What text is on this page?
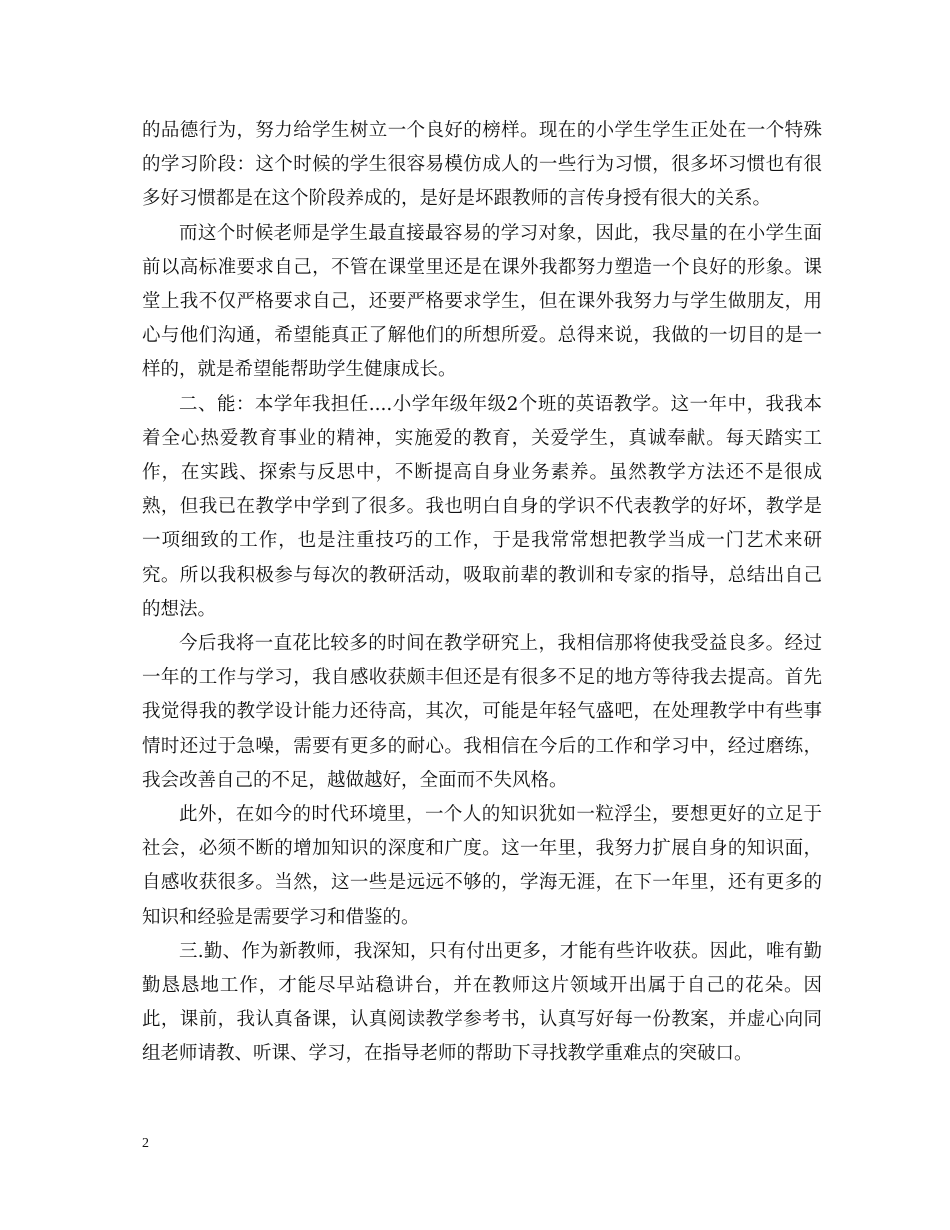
的品德行为，努力给学生树立一个良好的榜样。现在的小学生学生正处在一个特殊的学习阶段：这个时候的学生很容易模仿成人的一些行为习惯，很多坏习惯也有很多好习惯都是在这个阶段养成的，是好是坏跟教师的言传身授有很大的关系。

而这个时候老师是学生最直接最容易的学习对象，因此，我尽量的在小学生面前以高标准要求自己，不管在课堂里还是在课外我都努力塑造一个良好的形象。课堂上我不仅严格要求自己，还要严格要求学生，但在课外我努力与学生做朋友，用心与他们沟通，希望能真正了解他们的所想所爱。总得来说，我做的一切目的是一样的，就是希望能帮助学生健康成长。

二、能：本学年我担任....小学年级年级2个班的英语教学。这一年中，我我本着全心热爱教育事业的精神，实施爱的教育，关爱学生，真诚奉献。每天踏实工作，在实践、探索与反思中，不断提高自身业务素养。虽然教学方法还不是很成熟，但我已在教学中学到了很多。我也明白自身的学识不代表教学的好坏，教学是一项细致的工作，也是注重技巧的工作，于是我常常想把教学当成一门艺术来研究。所以我积极参与每次的教研活动，吸取前辈的教训和专家的指导，总结出自己的想法。

今后我将一直花比较多的时间在教学研究上，我相信那将使我受益良多。经过一年的工作与学习，我自感收获颇丰但还是有很多不足的地方等待我去提高。首先我觉得我的教学设计能力还待高，其次，可能是年轻气盛吧，在处理教学中有些事情时还过于急噪，需要有更多的耐心。我相信在今后的工作和学习中，经过磨练，我会改善自己的不足，越做越好，全面而不失风格。

此外，在如今的时代环境里，一个人的知识犹如一粒浮尘，要想更好的立足于社会，必须不断的增加知识的深度和广度。这一年里，我努力扩展自身的知识面，自感收获很多。当然，这一些是远远不够的，学海无涯，在下一年里，还有更多的知识和经验是需要学习和借鉴的。

三.勤、作为新教师，我深知，只有付出更多，才能有些许收获。因此，唯有勤勤恳恳地工作，才能尽早站稳讲台，并在教师这片领域开出属于自己的花朵。因此，课前，我认真备课，认真阅读教学参考书，认真写好每一份教案，并虚心向同组老师请教、听课、学习，在指导老师的帮助下寻找教学重难点的突破口。

2
